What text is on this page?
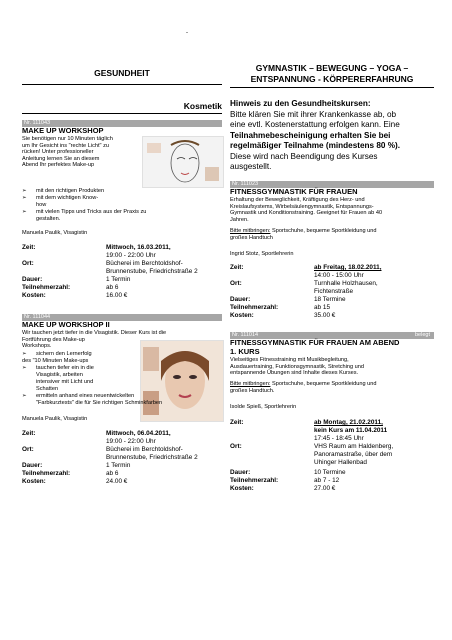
-
GESUNDHEIT
Kosmetik
Nr. 111043
MAKE UP WORKSHOP
Sie benötigen nur 10 Minuten täglich
um Ihr Gesicht ins "rechte Licht" zu
rücken! Unter professioneller
Anleitung lernen Sie an diesem
Abend Ihr perfektes Make-up
➢ mit den richtigen Produkten
➢ mit dem wichtigen Know-
how
➢ mit vielen Tipps und Tricks aus der Praxis zu
gestalten.
Manuela Paulik, Visagistin
Zeit:	Mittwoch, 16.03.2011,
19:00 - 22:00 Uhr
Ort:	Bücherei im Berchtoldshof-
Brunnenstube, Friedrichstraße 2
Dauer:	1 Termin
Teilnehmerzahl:	ab 6
Kosten:	16.00 €
Nr. 111044
MAKE UP WORKSHOP II
Wir tauchen jetzt tiefer in die Visagistik. Dieser Kurs ist die
Fortführung des Make-up
Workshops.
➢ sichern den Lernerfolg
des "10 Minuten Make-ups
➢ tauchen tiefer ein in die
Visagistik, arbeiten
intensiver mit Licht und
Schatten
➢ ermitteln anhand eines neuentwickelten
"Farbkurztests" die für Sie richtigen Schminkfarben
Manuela Paulik, Visagistin
Zeit:	Mittwoch, 06.04.2011,
19:00 - 22:00 Uhr
Ort:	Bücherei im Berchtoldshof-
Brunnenstube, Friedrichstraße 2
Dauer:	1 Termin
Teilnehmerzahl:	ab 6
Kosten:	24.00 €
GYMNASTIK – BEWEGUNG – YOGA –
ENTSPANNUNG - KÖRPERERFAHRUNG
Hinweis zu den Gesundheitskursen:
Bitte klären Sie mit ihrer Krankenkasse ab, ob
eine evtl. Kostenerstattung erfolgen kann. Eine
Teilnahmebescheinigung erhalten Sie bei
regelmäßiger Teilnahme (mindestens 80 %).
Diese wird nach Beendigung des Kurses
ausgestellt.
Nr. 111023
FITNESSGYMNASTIK FÜR FRAUEN
Erhaltung der Beweglichkeit, Kräftigung des Herz- und
Kreislaufsystems, Wirbelsäulengymnastik, Entspannungs-
Gymnastik und Konditionstraining. Geeignet für Frauen ab 40
Jahren.
Bitte mitbringen: Sportschuhe, bequeme Sportkleidung und
großes Handtuch
Ingrid Stotz, Sportlehrerin
Zeit:	ab Freitag, 18.02.2011,
14:00 - 15:00 Uhr
Ort:	Turnhalle Holzhausen,
Fichtenstraße
Dauer:	18 Termine
Teilnehmerzahl:	ab 15
Kosten:	35.00 €
Nr. 111014	belegt
FITNESSGYMNASTIK FÜR FRAUEN AM ABEND
1. KURS
Vielseitiges Fitnesstraining mit Musikbegleitung,
Ausdauertraining, Funktionsgymnastik, Stretching und
entspannende Übungen sind Inhalte dieses Kurses.
Bitte mitbringen: Sportschuhe, bequeme Sportkleidung und
großes Handtuch.
Isolde Spieß, Sportlehrerin
Zeit:	ab Montag, 21.02.2011,
kein Kurs am 11.04.2011
17:45 - 18:45 Uhr
Ort:	VHS Raum am Haldenberg,
Panoramastraße, über dem
Uhinger Hallenbad
Dauer:	10 Termine
Teilnehmerzahl:	ab 7 - 12
Kosten:	27.00 €
